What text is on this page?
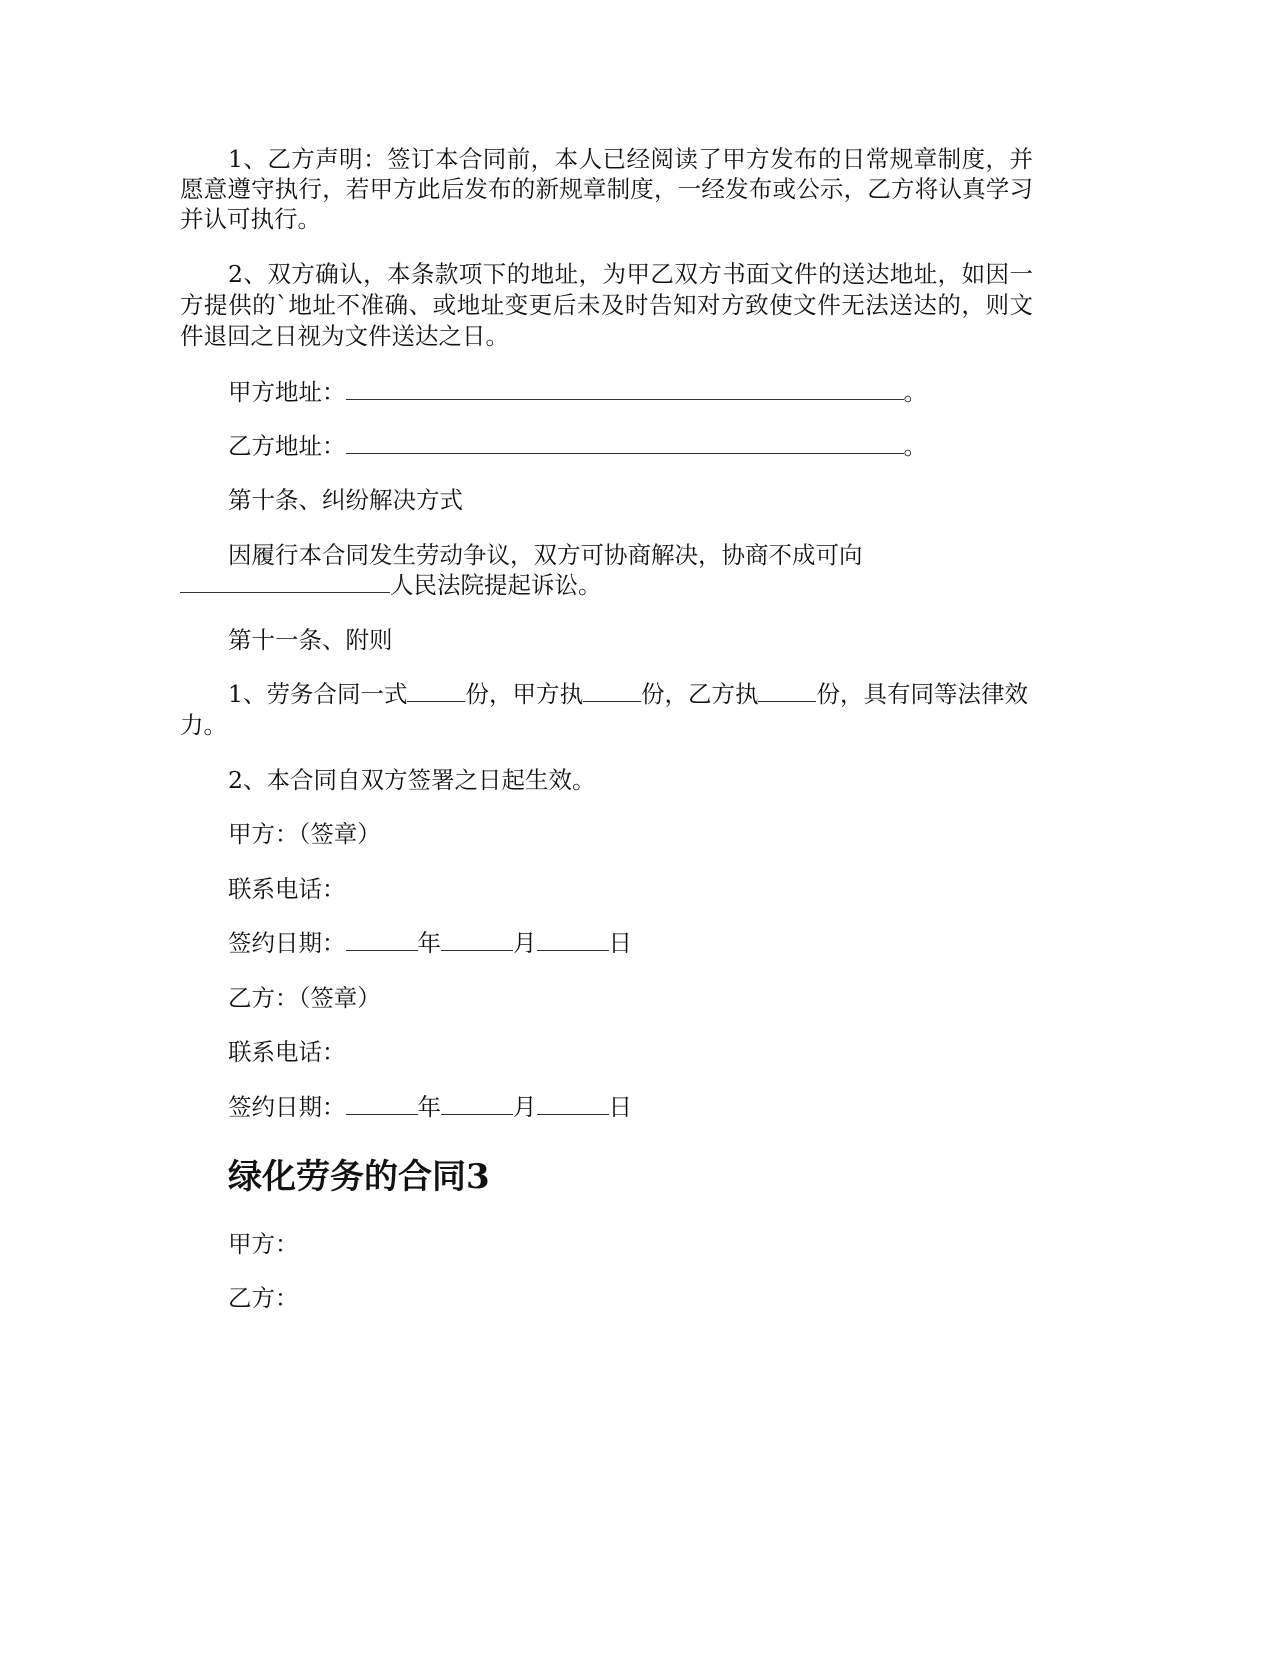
1、乙方声明：签订本合同前，本人已经阅读了甲方发布的日常规章制度，并
愿意遵守执行，若甲方此后发布的新规章制度，一经发布或公示，乙方将认真学习
并认可执行。
2、双方确认，本条款项下的地址，为甲乙双方书面文件的送达地址，如因一
方提供的`地址不准确、或地址变更后未及时告知对方致使文件无法送达的，则文
件退回之日视为文件送达之日。
甲方地址：	。
乙方地址：	。
第十条、纠纷解决方式
因履行本合同发生劳动争议，双方可协商解决，协商不成可向
人民法院提起诉讼。
第十一条、附则
1、劳务合同一式 份，甲方执 份，乙方执 份，具有同等法律效
力。
2、本合同自双方签署之日起生效。
甲方：（签章）
联系电话：
签约日期：	年	月	日
乙方：（签章）
联系电话：
签约日期：	年	月	日
绿化劳务的合同3
甲方：
乙方：
